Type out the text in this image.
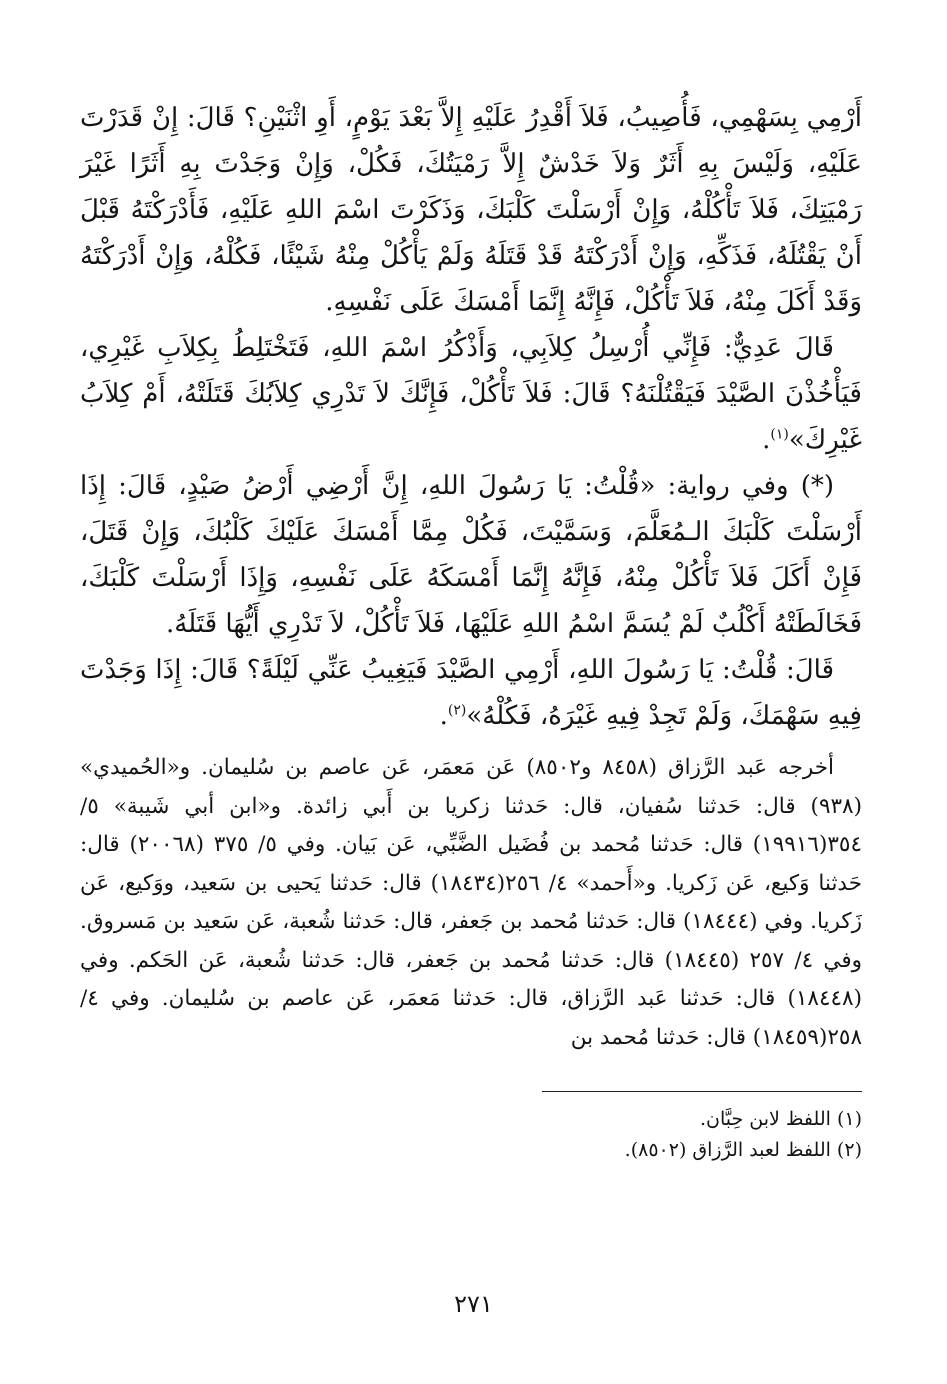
أَرْمِي بِسَهْمِي، فَأُصِيبُ، فَلاَ أَقْدِرُ عَلَيْهِ إِلاَّ بَعْدَ يَوْمٍ، أَوِ اثْنَيْنِ؟ قَالَ: إِنْ قَدَرْتَ عَلَيْهِ، وَلَيْسَ بِهِ أَثَرٌ وَلاَ خَدْشٌ إِلاَّ رَمْيَتُكَ، فَكُلْ، وَإِنْ وَجَدْتَ بِهِ أَثَرًا غَيْرَ رَمْيَتِكَ، فَلاَ تَأْكُلْهُ، وَإِنْ أَرْسَلْتَ كَلْبَكَ، وَذَكَرْتَ اسْمَ اللهِ عَلَيْهِ، فَأَدْرَكْتَهُ قَبْلَ أَنْ يَقْتُلَهُ، فَذَكِّهِ، وَإِنْ أَدْرَكْتَهُ قَدْ قَتَلَهُ وَلَمْ يَأْكُلْ مِنْهُ شَيْئًا، فَكُلْهُ، وَإِنْ أَدْرَكْتَهُ وَقَدْ أَكَلَ مِنْهُ، فَلاَ تَأْكُلْ، فَإِنَّهُ إِنَّمَا أَمْسَكَ عَلَى نَفْسِهِ.

قَالَ عَدِيٌّ: فَإِنِّي أُرْسِلُ كِلاَبِي، وَأَذْكُرُ اسْمَ اللهِ، فَتَخْتَلِطُ بِكِلاَبِ غَيْرِي، فَيَأْخُذْنَ الصَّيْدَ فَيَقْتُلْنَهُ؟ قَالَ: فَلاَ تَأْكُلْ، فَإِنَّكَ لاَ تَدْرِي كِلاَبُكَ قَتَلَتْهُ، أَمْ كِلاَبُ غَيْرِكَ»$^{(١)}$.

(*) وفي رواية: «قُلْتُ: يَا رَسُولَ اللهِ، إِنَّ أَرْضِي أَرْضُ صَيْدٍ، قَالَ: إِذَا أَرْسَلْتَ كَلْبَكَ الـمُعَلَّمَ، وَسَمَّيْتَ، فَكُلْ مِمَّا أَمْسَكَ عَلَيْكَ كَلْبُكَ، وَإِنْ قَتَلَ، فَإِنْ أَكَلَ فَلاَ تَأْكُلْ مِنْهُ، فَإِنَّهُ إِنَّمَا أَمْسَكَهُ عَلَى نَفْسِهِ، وَإِذَا أَرْسَلْتَ كَلْبَكَ، فَخَالَطَتْهُ أَكْلُبٌ لَمْ يُسَمَّ اسْمُ اللهِ عَلَيْهَا، فَلاَ تَأْكُلْ، لاَ تَدْرِي أَيُّهَا قَتَلَهُ.

قَالَ: قُلْتُ: يَا رَسُولَ اللهِ، أَرْمِي الصَّيْدَ فَيَغِيبُ عَنِّي لَيْلَةً؟ قَالَ: إِذَا وَجَدْتَ فِيهِ سَهْمَكَ، وَلَمْ تَجِدْ فِيهِ غَيْرَهُ، فَكُلْهُ»$^{(٢)}$.

أخرجه عَبد الرَّزاق (٨٤٥٨ و٨٥٠٢) عَن مَعمَر، عَن عاصم بن سُليمان. و«الحُميدي» (٩٣٨) قال: حَدثنا سُفيان، قال: حَدثنا زكريا بن أَبي زائدة. و«ابن أبي شَيبة» ٥/ ٣٥٤(١٩٩١٦) قال: حَدثنا مُحمد بن فُضَيل الضَّبِّي، عَن بَيان. وفي ٥/ ٣٧٥ (٢٠٠٦٨) قال: حَدثنا وَكيع، عَن زَكريا. و«أَحمد» ٤/ ٢٥٦(١٨٤٣٤) قال: حَدثنا يَحيى بن سَعيد، ووَكيع، عَن زَكريا. وفي (١٨٤٤٤) قال: حَدثنا مُحمد بن جَعفر، قال: حَدثنا شُعبة، عَن سَعيد بن مَسروق. وفي ٤/ ٢٥٧ (١٨٤٤٥) قال: حَدثنا مُحمد بن جَعفر، قال: حَدثنا شُعبة، عَن الحَكم. وفي (١٨٤٤٨) قال: حَدثنا عَبد الرَّزاق، قال: حَدثنا مَعمَر، عَن عاصم بن سُليمان. وفي ٤/ ٢٥٨(١٨٤٥٩) قال: حَدثنا مُحمد بن

(١) اللفظ لابن حِبَّان.

(٢) اللفظ لعبد الرَّزاق (٨٥٠٢).

٢٧١
